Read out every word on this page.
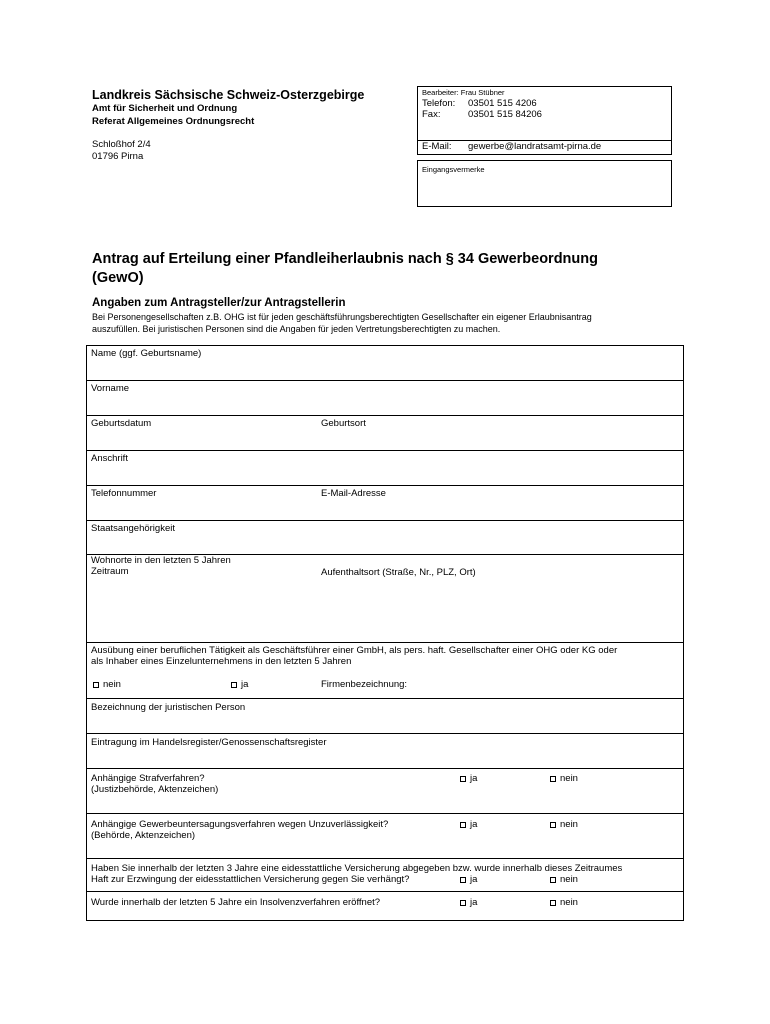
Landkreis Sächsische Schweiz-Osterzgebirge
Amt für Sicherheit und Ordnung
Referat Allgemeines Ordnungsrecht
Schloßhof 2/4
01796 Pirna
Bearbeiter: Frau Stübner
Telefon: 03501 515 4206
Fax:	03501 515 84206
E-Mail: gewerbe@landratsamt-pirna.de
Eingangsvermerke
Antrag auf Erteilung einer Pfandleiherlaubnis nach § 34 Gewerbeordnung
(GewO)
Angaben zum Antragsteller/zur Antragstellerin
Bei Personengesellschaften z.B. OHG ist für jeden geschäftsführungsberechtigten Gesellschafter ein eigener Erlaubnisantrag
auszufüllen. Bei juristischen Personen sind die Angaben für jeden Vertretungsberechtigten zu machen.
Name (ggf. Geburtsname)
Vorname
Geburtsdatum	Geburtsort
Anschrift
Telefonnummer	E-Mail-Adresse
Staatsangehörigkeit
Wohnorte in den letzten 5 Jahren
Zeitraum	Aufenthaltsort (Straße, Nr., PLZ, Ort)
Ausübung einer beruflichen Tätigkeit als Geschäftsführer einer GmbH, als pers. haft. Gesellschafter einer OHG oder KG oder
als Inhaber eines Einzelunternehmens in den letzten 5 Jahren
nein	ja	Firmenbezeichnung:
Bezeichnung der juristischen Person
Eintragung im Handelsregister/Genossenschaftsregister
Anhängige Strafverfahren?
(Justizbehörde, Aktenzeichen)
ja	nein
Anhängige Gewerbeuntersagungsverfahren wegen Unzuverlässigkeit?
(Behörde, Aktenzeichen)
ja	nein
Haben Sie innerhalb der letzten 3 Jahre eine eidesstattliche Versicherung abgegeben bzw. wurde innerhalb dieses Zeitraumes
Haft zur Erzwingung der eidesstattlichen Versicherung gegen Sie verhängt?	ja	nein
Wurde innerhalb der letzten 5 Jahre ein Insolvenzverfahren eröffnet?	ja	nein
